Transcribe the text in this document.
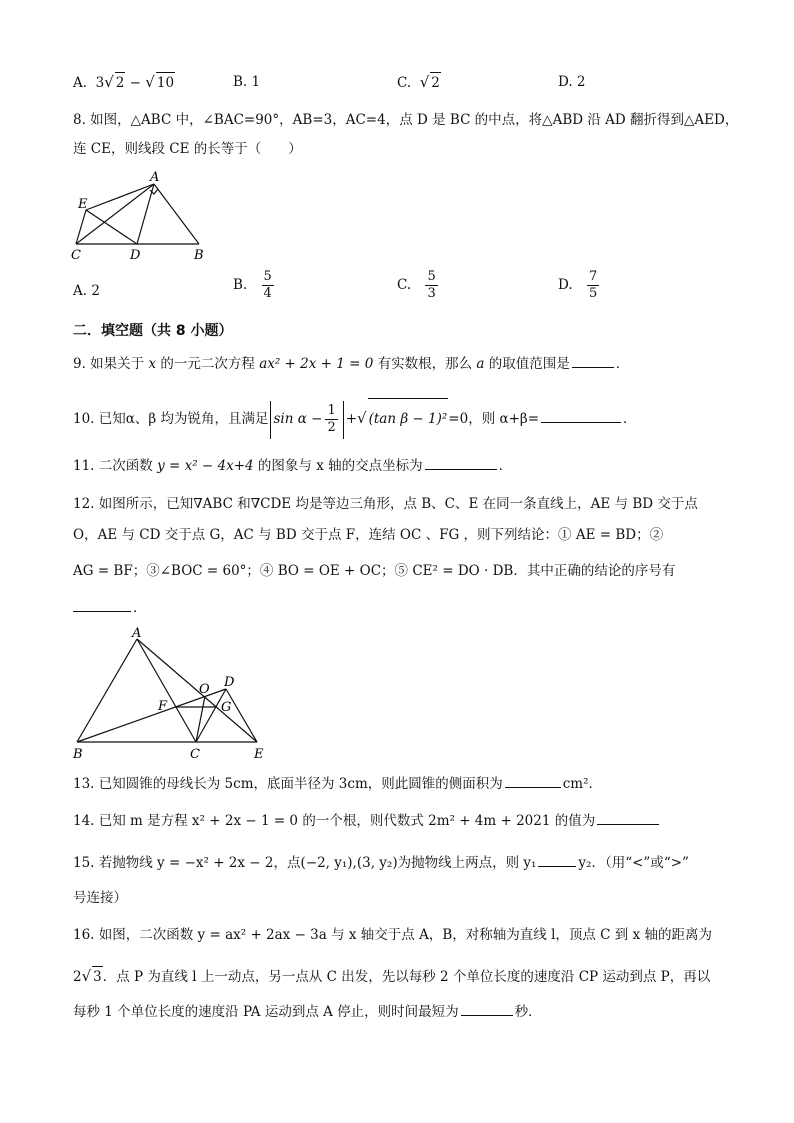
A. 3√ 2 − √ 10	B. 1	C. √ 2	D. 2
8. 如图，△ABC 中，∠BAC=90°，AB=3，AC=4，点 D 是 BC 的中点，将△ABD 沿 AD 翻折得到△AED，
连 CE，则线段 CE 的长等于（　　）
A
E
C	D	B
A. 2	B. $\frac{5}{4}$	C. $\frac{5}{3}$	D. $\frac{7}{5}$
二．填空题（共 8 小题）
9. 如果关于 x 的一元二次方程 ax² + 2x + 1 = 0 有实数根，那么 a 的取值范围是	．
10. 已知α、β 均为锐角，且满足 $\sin \alpha - \frac{1}{2}$ +√ (tan β − 1)²=0，则 α+β=	．
11. 二次函数 y = x² − 4x+4 的图象与 x 轴的交点坐标为	．
12. 如图所示，已知∇ABC 和∇CDE 均是等边三角形，点 B、C、E 在同一条直线上，AE 与 BD 交于点
O，AE 与 CD 交于点 G，AC 与 BD 交于点 F，连结 OC 、FG ，则下列结论：① AE = BD；②
AG = BF；③∠BOC = 60°；④ BO = OE + OC；⑤ CE² = DO · DB．其中正确的结论的序号有
．
A
O D
F	G
B	C	E
13. 已知圆锥的母线长为 5cm，底面半径为 3cm，则此圆锥的侧面积为	cm²．
14. 已知 m 是方程 x² + 2x − 1 = 0 的一个根，则代数式 2m² + 4m + 2021 的值为
15. 若抛物线 y = −x² + 2x − 2，点(−2, y₁),(3, y₂)为抛物线上两点，则 y₁	y₂．（用“<”或“>”
号连接）
16. 如图，二次函数 y = ax² + 2ax − 3a 与 x 轴交于点 A，B，对称轴为直线 l，顶点 C 到 x 轴的距离为
2√ 3．点 P 为直线 l 上一动点，另一点从 C 出发，先以每秒 2 个单位长度的速度沿 CP 运动到点 P，再以
每秒 1 个单位长度的速度沿 PA 运动到点 A 停止，则时间最短为	秒．
